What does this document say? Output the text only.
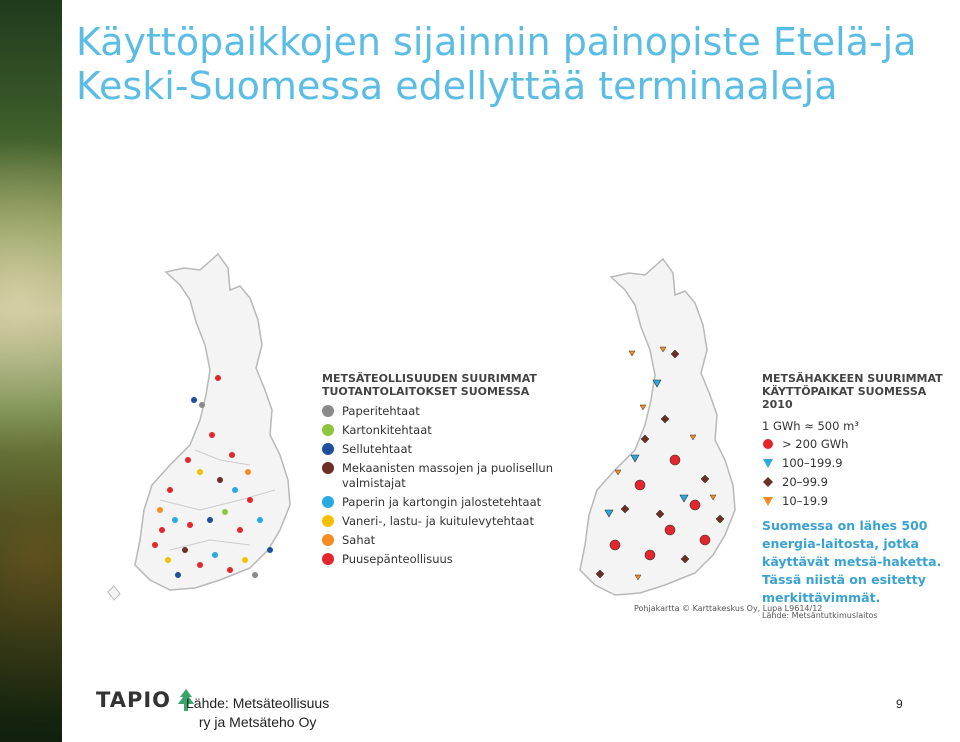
Käyttöpaikkojen sijainnin painopiste Etelä-ja Keski-Suomessa edellyttää terminaaleja
METSÄTEOLLISUUDEN SUURIMMAT
TUOTANTOLAITOKSET SUOMESSA
Paperitehtaat
Kartonkitehtaat
Sellutehtaat
Mekaanisten massojen ja puolisellun valmistajat
Paperin ja kartongin jalostetehtaat
Vaneri-, lastu- ja kuitulevytehtaat
Sahat
Puusepänteollisuus
METSÄHAKKEEN SUURIMMAT
KÄYTTÖPAIKAT SUOMESSA 2010
1 GWh ≈ 500 m³
> 200 GWh
100–199.9
20–99.9
10–19.9
Suomessa on lähes 500 energia-laitosta, jotka käyttävät metsä-haketta. Tässä niistä on esitetty merkittävimmät.
Lähde: Metsäntutkimuslaitos
Pohjakartta © Karttakeskus Oy, Lupa L9614/12
TAPIO Lähde: Metsäteollisuus
ry ja Metsäteho Oy
9
